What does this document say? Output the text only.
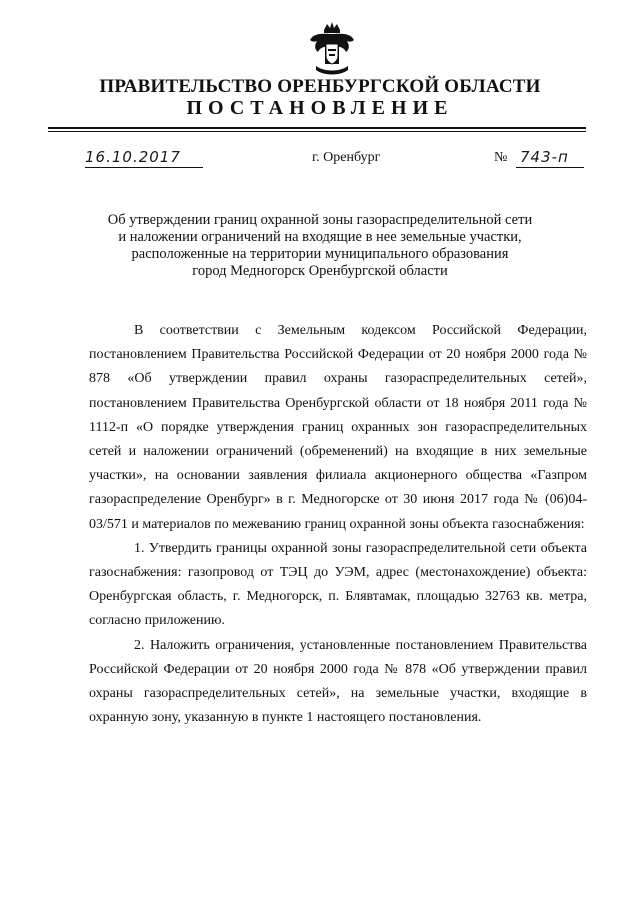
ПРАВИТЕЛЬСТВО ОРЕНБУРГСКОЙ ОБЛАСТИ
ПОСТАНОВЛЕНИЕ
16.10.2017	г. Оренбург	№ 743-п
Об утверждении границ охранной зоны газораспределительной сети
и наложении ограничений на входящие в нее земельные участки,
расположенные на территории муниципального образования
город Медногорск Оренбургской области

В соответствии с Земельным кодексом Российской Федерации, постановлением Правительства Российской Федерации от 20 ноября 2000 года № 878 «Об утверждении правил охраны газораспределительных сетей», постановлением Правительства Оренбургской области от 18 ноября 2011 года № 1112-п «О порядке утверждения границ охранных зон газораспределительных сетей и наложении ограничений (обременений) на входящие в них земельные участки», на основании заявления филиала акционерного общества «Газпром газораспределение Оренбург» в г. Медногорске от 30 июня 2017 года № (06)04-03/571 и материалов по межеванию границ охранной зоны объекта газоснабжения:

1. Утвердить границы охранной зоны газораспределительной сети объекта газоснабжения: газопровод от ТЭЦ до УЭМ, адрес (местонахождение) объекта: Оренбургская область, г. Медногорск, п. Блявтамак, площадью 32763 кв. метра, согласно приложению.

2. Наложить ограничения, установленные постановлением Правительства Российской Федерации от 20 ноября 2000 года № 878 «Об утверждении правил охраны газораспределительных сетей», на земельные участки, входящие в охранную зону, указанную в пункте 1 настоящего постановления.
